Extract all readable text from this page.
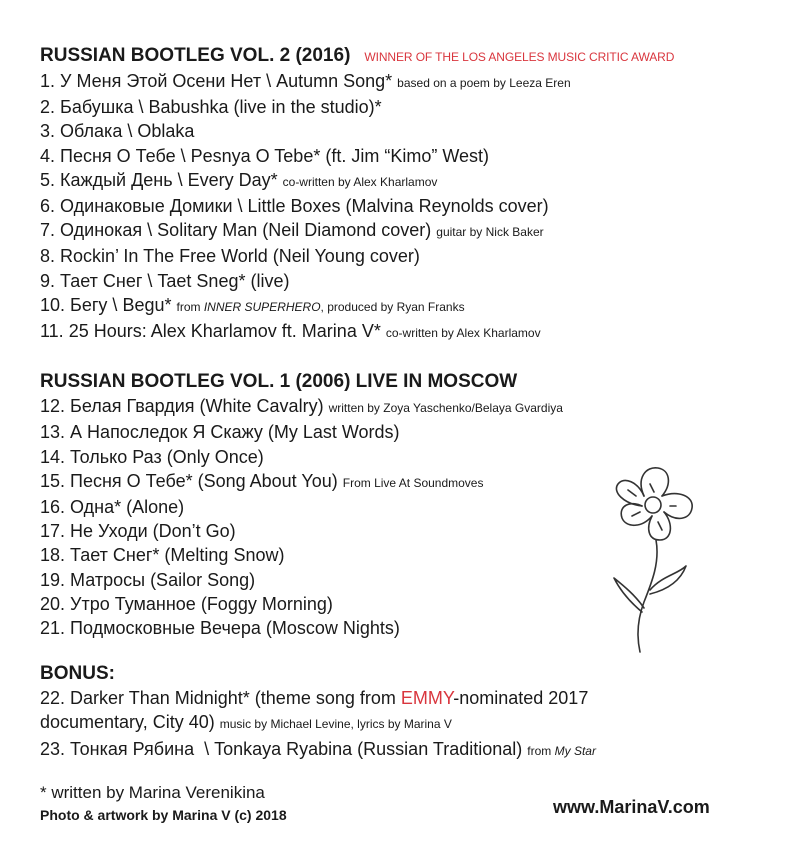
RUSSIAN BOOTLEG VOL. 2 (2016) WINNER OF THE LOS ANGELES MUSIC CRITIC AWARD
1. У Меня Этой Осени Нет \ Autumn Song* based on a poem by Leeza Eren
2. Бабушка \ Babushka (live in the studio)*
3. Облака \ Oblaka
4. Песня О Тебе \ Pesnya O Tebe* (ft. Jim “Kimo” West)
5. Каждый День \ Every Day* co-written by Alex Kharlamov
6. Одинаковые Домики \ Little Boxes (Malvina Reynolds cover)
7. Одинокая \ Solitary Man (Neil Diamond cover) guitar by Nick Baker
8. Rockin’ In The Free World (Neil Young cover)
9. Тает Снег \ Taet Sneg* (live)
10. Бегу \ Begu* from INNER SUPERHERO, produced by Ryan Franks
11. 25 Hours: Alex Kharlamov ft. Marina V* co-written by Alex Kharlamov
RUSSIAN BOOTLEG VOL. 1 (2006) LIVE IN MOSCOW
12. Белая Гвардия (White Cavalry) written by Zoya Yaschenko/Belaya Gvardiya
13. А Напоследок Я Скажу (My Last Words)
14. Только Раз (Only Once)
15. Песня О Тебе* (Song About You) From Live At Soundmoves
16. Одна* (Alone)
17. Не Уходи (Don’t Go)
18. Тает Снег* (Melting Snow)
19. Матросы (Sailor Song)
20. Утро Туманное (Foggy Morning)
21. Подмосковные Вечера (Moscow Nights)
BONUS:
22. Darker Than Midnight* (theme song from EMMY-nominated 2017
documentary, City 40) music by Michael Levine, lyrics by Marina V
23. Тонкая Рябина  \ Tonkaya Ryabina (Russian Traditional) from My Star
* written by Marina Verenikina
Photo & artwork by Marina V (c) 2018	www.MarinaV.com
